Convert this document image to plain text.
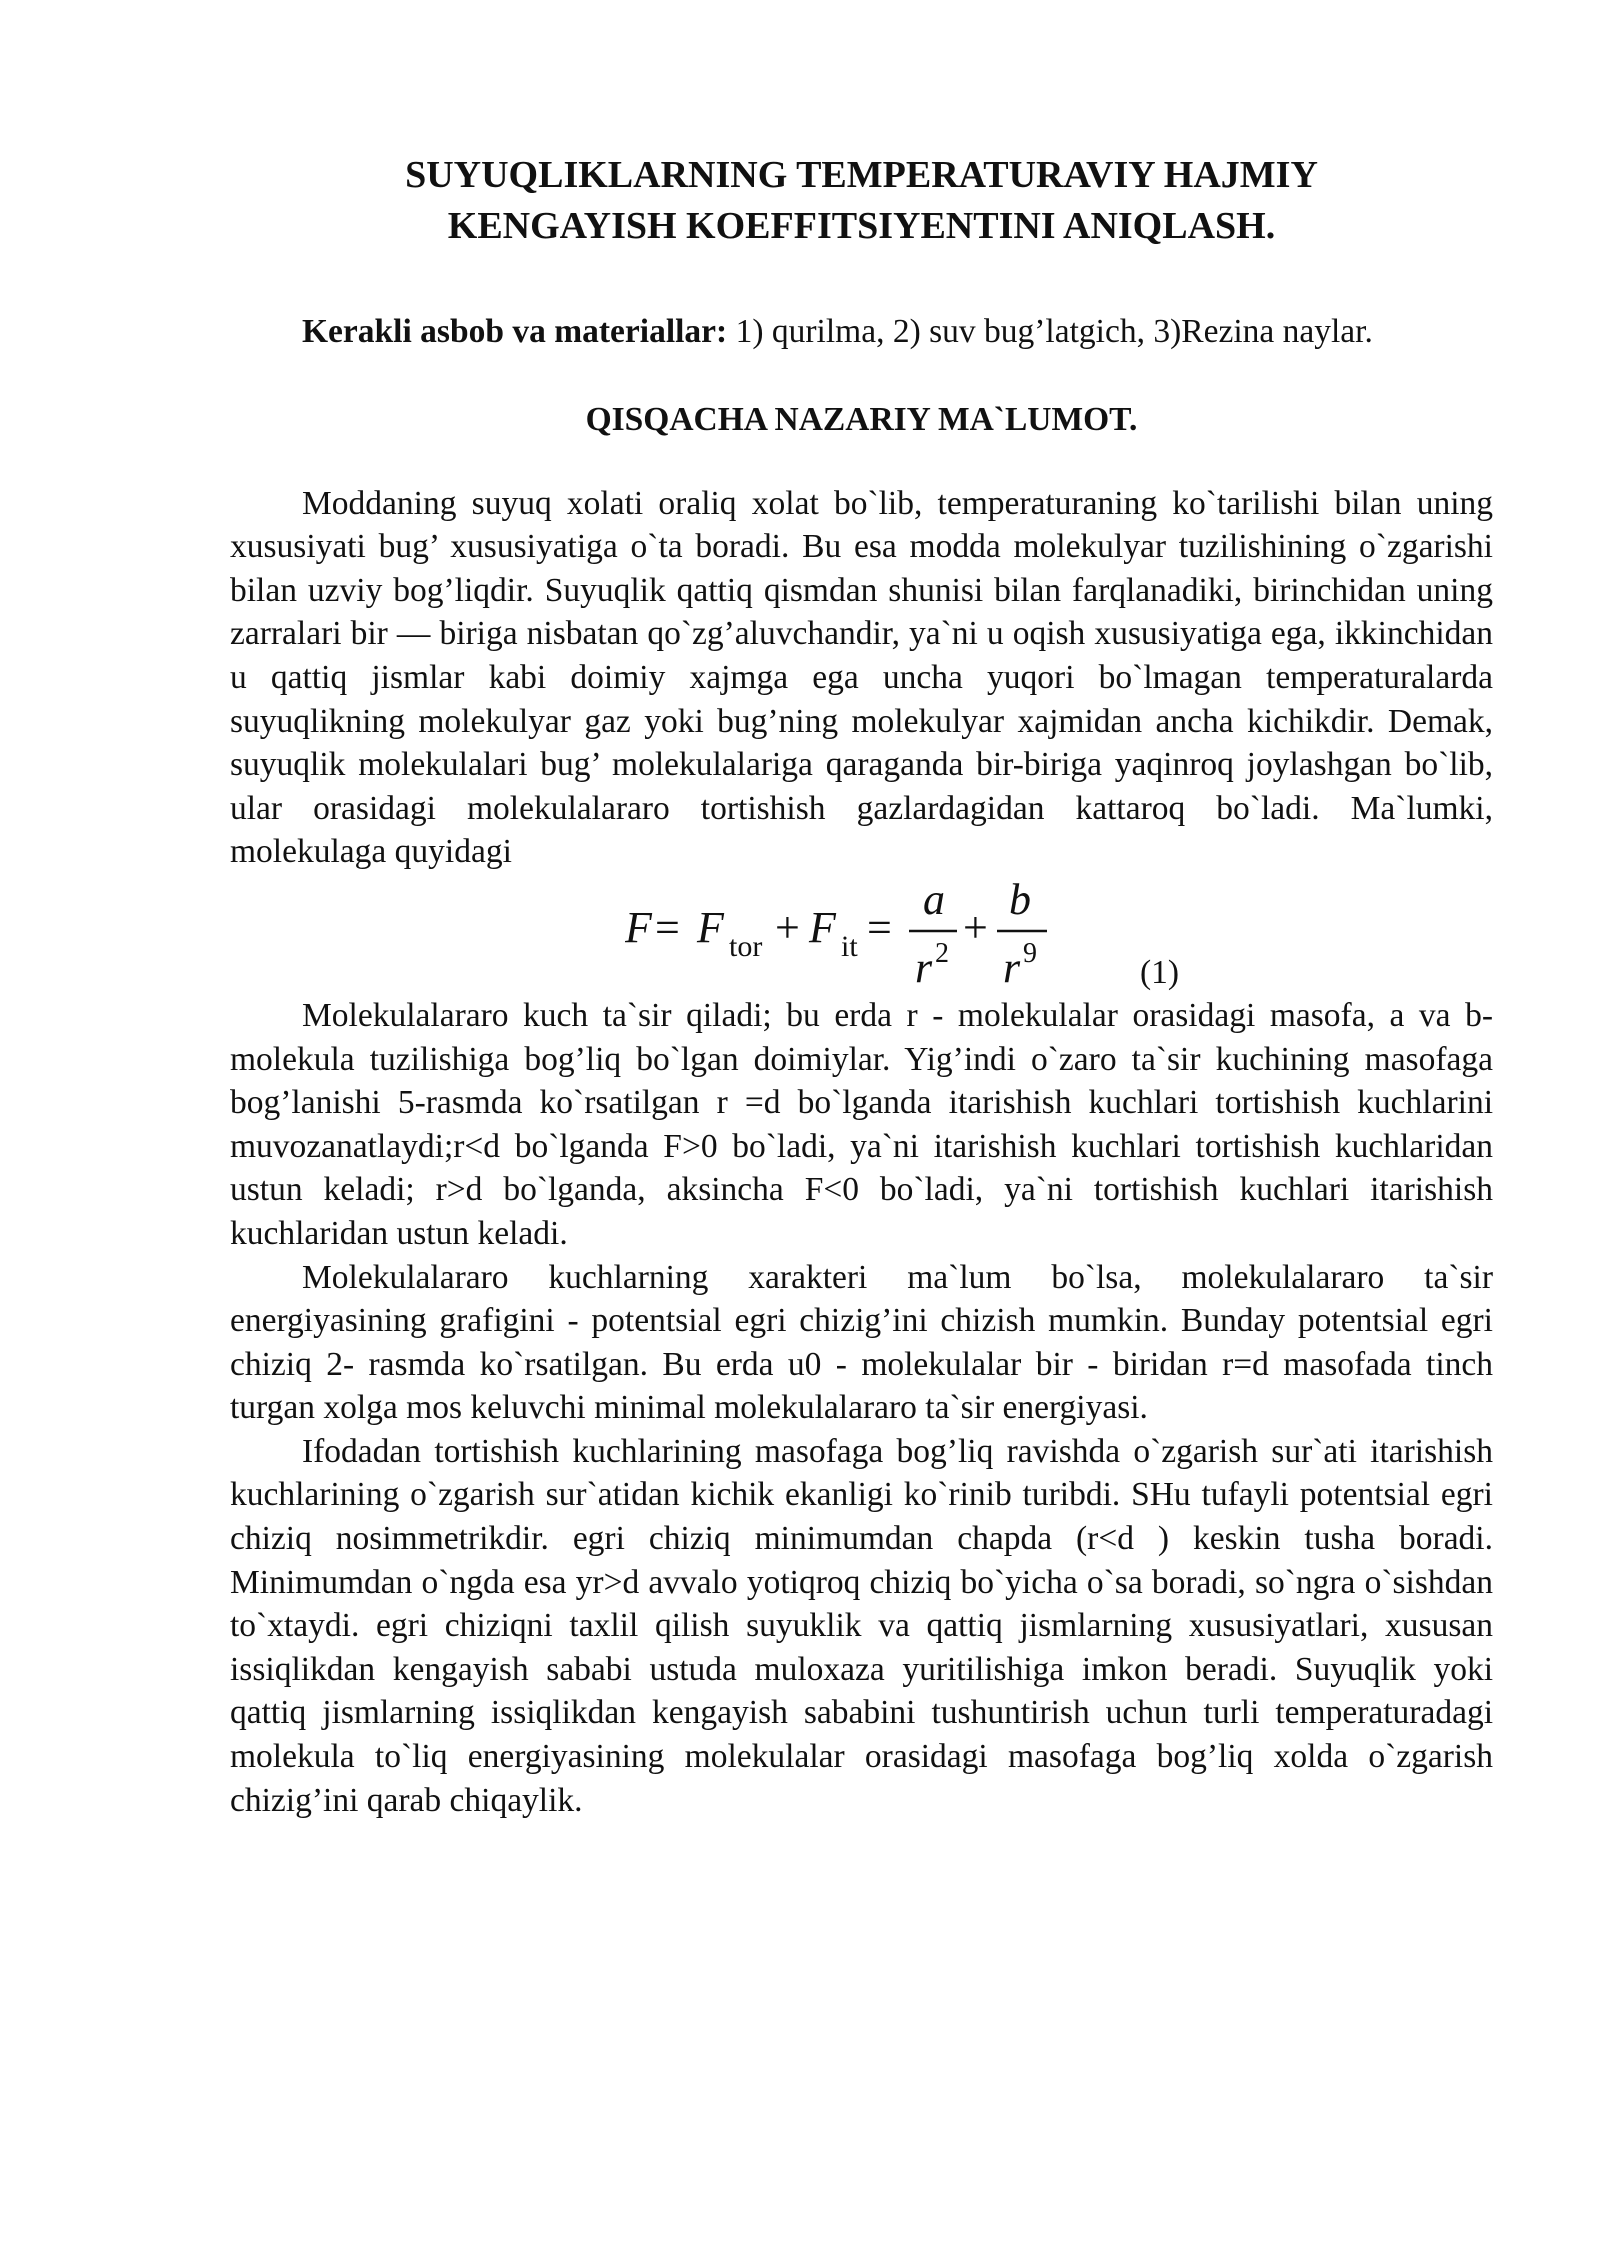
SUYUQLIKLARNING TEMPERATURAVIY HAJMIY
KENGAYISH KOEFFITSIYENTINI ANIQLASH.

Kerakli asbob va materiallar: 1) qurilma, 2) suv bug’latgich, 3)Rezina naylar.

QISQACHA NAZARIY MA`LUMOT.

Moddaning suyuq xolati oraliq xolat bo`lib, temperaturaning ko`tarilishi bilan uning xususiyati bug’ xususiyatiga o`ta boradi. Bu esa modda molekulyar tuzilishining o`zgarishi bilan uzviy bog’liqdir. Suyuqlik qattiq qismdan shunisi bilan farqlanadiki, birinchidan uning zarralari bir — biriga nisbatan qo`zg’aluvchandir, ya`ni u oqish xususiyatiga ega, ikkinchidan u qattiq jismlar kabi doimiy xajmga ega uncha yuqori bo`lmagan temperaturalarda suyuqlikning molekulyar gaz yoki bug’ning molekulyar xajmidan ancha kichikdir. Demak, suyuqlik molekulalari bug’ molekulalariga qaraganda bir-biriga yaqinroq joylashgan bo`lib, ular orasidagi molekulalararo tortishish gazlardagidan kattaroq bo`ladi. Ma`lumki, molekulaga quyidagi

F = F tor + F it =
a
r 2
+
b
r 9
(1)

Molekulalararo kuch ta`sir qiladi; bu erda r - molekulalar orasidagi masofa, a va b- molekula tuzilishiga bog’liq bo`lgan doimiylar. Yig’indi o`zaro ta`sir kuchining masofaga bog’lanishi 5-rasmda ko`rsatilgan r =d bo`lganda itarishish kuchlari tortishish kuchlarini muvozanatlaydi;r<d bo`lganda F>0 bo`ladi, ya`ni itarishish kuchlari tortishish kuchlaridan ustun keladi; r>d bo`lganda, aksincha F<0 bo`ladi, ya`ni tortishish kuchlari itarishish kuchlaridan ustun keladi.

Molekulalararo kuchlarning xarakteri ma`lum bo`lsa, molekulalararo ta`sir energiyasining grafigini - potentsial egri chizig’ini chizish mumkin. Bunday potentsial egri chiziq 2- rasmda ko`rsatilgan. Bu erda u0 - molekulalar bir - biridan r=d masofada tinch turgan xolga mos keluvchi minimal molekulalararo ta`sir energiyasi.

Ifodadan tortishish kuchlarining masofaga bog’liq ravishda o`zgarish sur`ati itarishish kuchlarining o`zgarish sur`atidan kichik ekanligi ko`rinib turibdi. SHu tufayli potentsial egri chiziq nosimmetrikdir. egri chiziq minimumdan chapda (r<d ) keskin tusha boradi. Minimumdan o`ngda esa yr>d avvalo yotiqroq chiziq bo`yicha o`sa boradi, so`ngra o`sishdan to`xtaydi. egri chiziqni taxlil qilish suyuklik va qattiq jismlarning xususiyatlari, xususan issiqlikdan kengayish sababi ustuda muloxaza yuritilishiga imkon beradi. Suyuqlik yoki qattiq jismlarning issiqlikdan kengayish sababini tushuntirish uchun turli temperaturadagi molekula to`liq energiyasining molekulalar orasidagi masofaga bog’liq xolda o`zgarish chizig’ini qarab chiqaylik.
